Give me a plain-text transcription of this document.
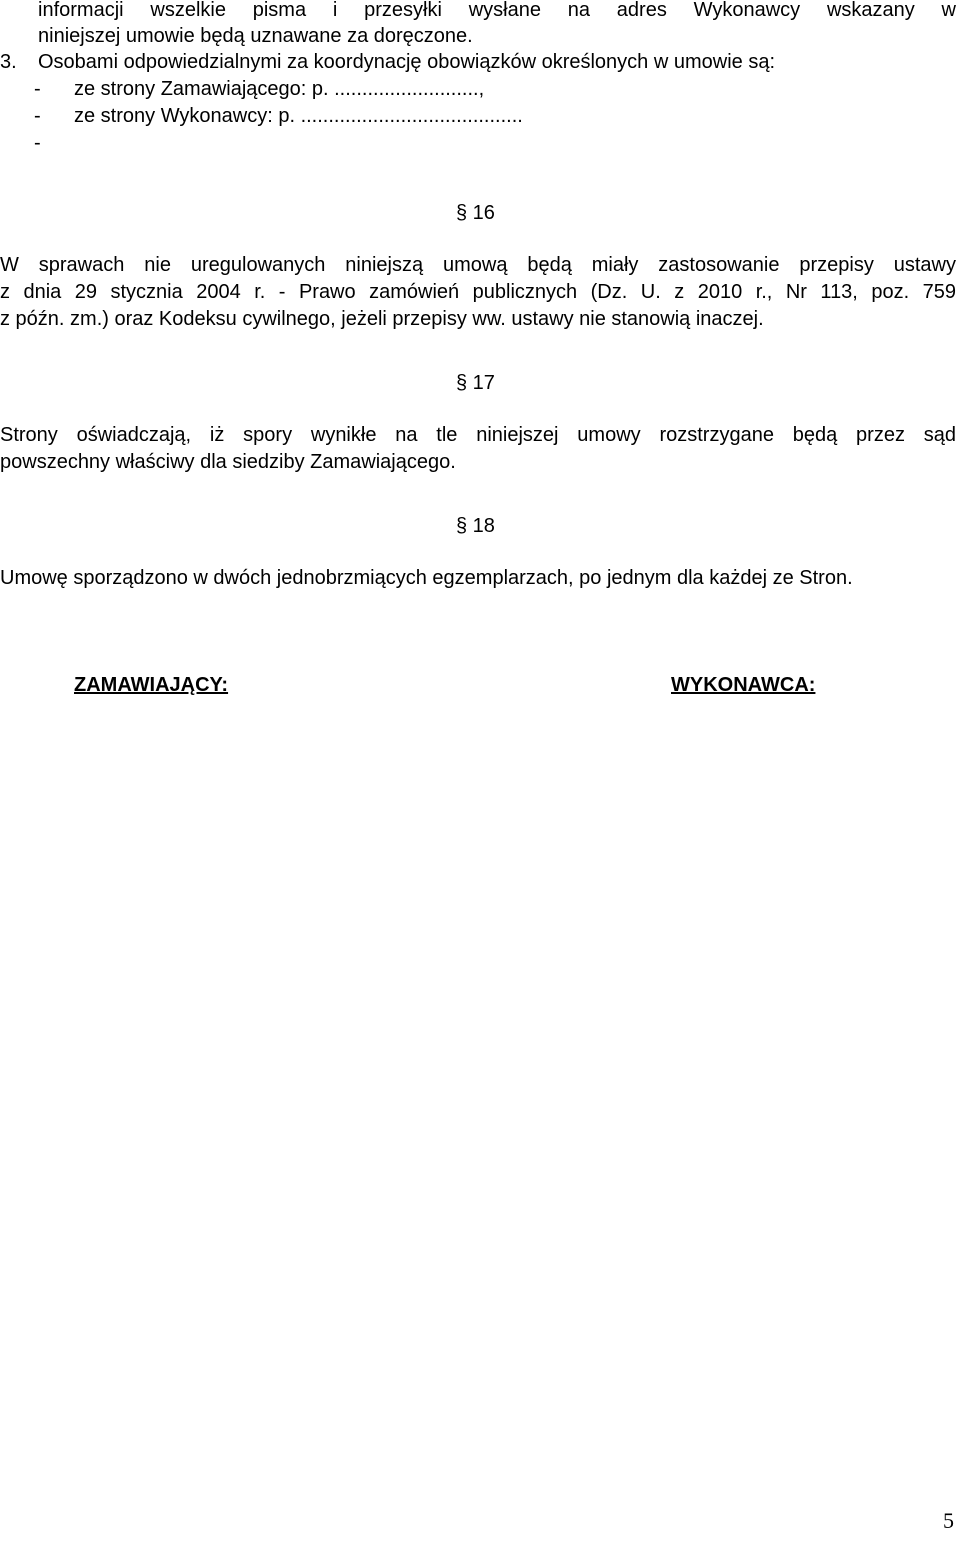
informacji wszelkie pisma i przesyłki wysłane na adres Wykonawcy wskazany w
niniejszej umowie będą uznawane za doręczone.
3. Osobami odpowiedzialnymi za koordynację obowiązków określonych w umowie są:
- ze strony Zamawiającego: p. ..........................,
- ze strony Wykonawcy: p. ........................................
-
§ 16
W sprawach nie uregulowanych niniejszą umową będą miały zastosowanie przepisy ustawy
z dnia 29 stycznia 2004 r. - Prawo zamówień publicznych (Dz. U. z 2010 r., Nr 113, poz. 759
z późn. zm.) oraz Kodeksu cywilnego, jeżeli przepisy ww. ustawy nie stanowią inaczej.
§ 17
Strony oświadczają, iż spory wynikłe na tle niniejszej umowy rozstrzygane będą przez sąd
powszechny właściwy dla siedziby Zamawiającego.
§ 18
Umowę sporządzono w dwóch jednobrzmiących egzemplarzach, po jednym dla każdej ze Stron.
ZAMAWIAJĄCY:	WYKONAWCA:
5
